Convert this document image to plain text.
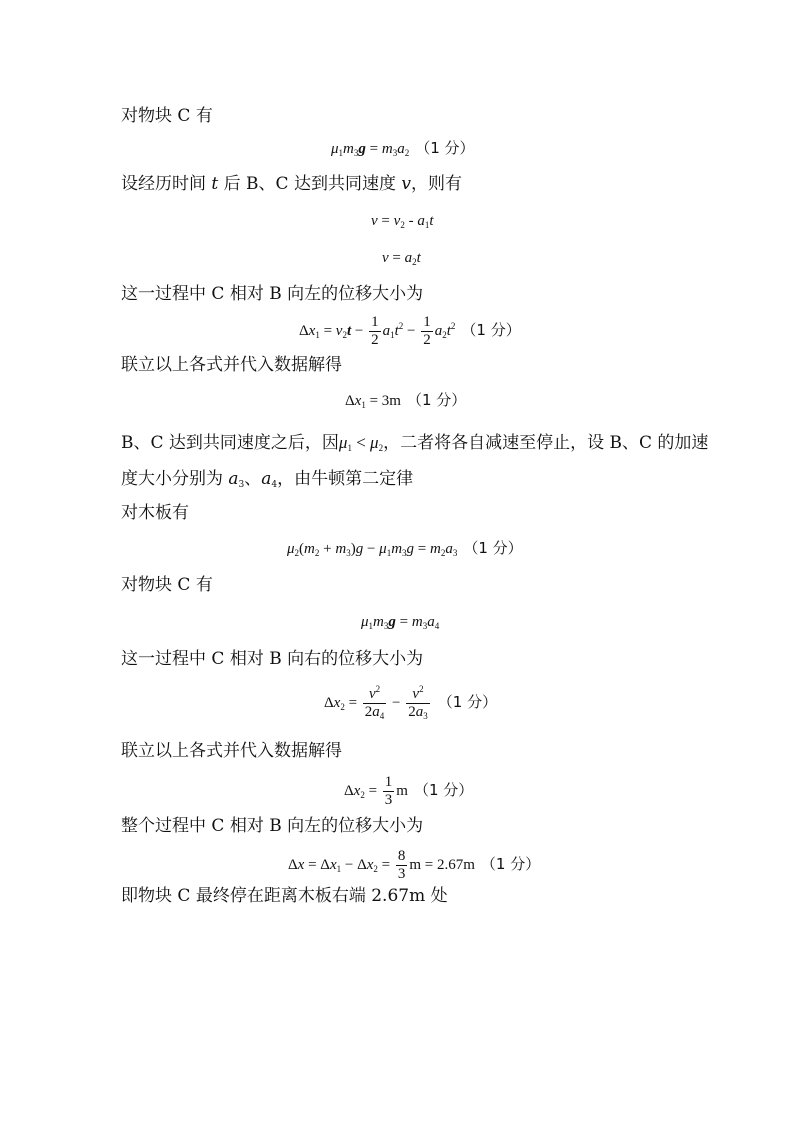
对物块 C 有
$\mu_1m_3g = m_3a_2$ （1 分）
设经历时间 t 后 B、C 达到共同速度 v，则有
$v = v_2 - a_1t$
$v = a_2t$
这一过程中 C 相对 B 向左的位移大小为
$\Delta x_1 = v_2t - \frac{1}{2} a_1t^2 - \frac{1}{2} a_2t^2$ （1 分）
联立以上各式并代入数据解得
$\Delta x_1 = 3m$ （1 分）
B、C 达到共同速度之后，因$\mu_1 < \mu_2$，二者将各自减速至停止，设 B、C 的加速
度大小分别为 $a_3$、$a_4$，由牛顿第二定律
对木板有
$\mu_2(m_2 + m_3)g - \mu_1m_3g = m_2a_3$ （1 分）
对物块 C 有
$\mu_1m_3g = m_3a_4$
这一过程中 C 相对 B 向右的位移大小为
$\Delta x_2 = \frac{v^2}{2a_4} - \frac{v^2}{2a_3} (1$ 分）
联立以上各式并代入数据解得
$\Delta x_2 = \frac{1}{3}$ m （1 分）
整个过程中 C 相对 B 向左的位移大小为
$\Delta x = \Delta x_1 - \Delta x_2 = \frac{8}{3}$ m = 2.67m （1 分）
即物块 C 最终停在距离木板右端 2.67m 处
